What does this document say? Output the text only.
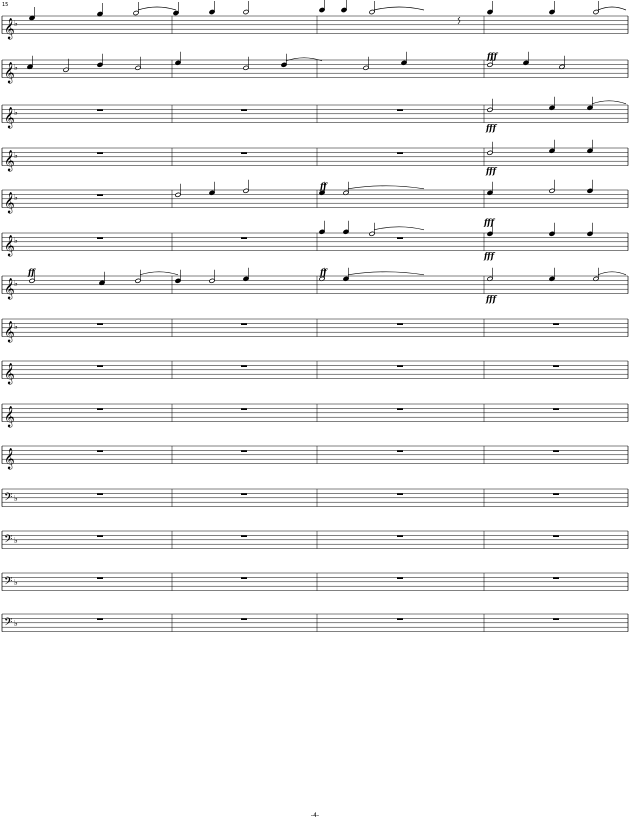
15
𝄞 ♭
𝄞 ♭
fff
𝄞 ♭
fff
𝄞 ♭
fff
𝄞 ♭
ff
𝄞 ♭
fff
fff
𝄞 ♭
ff	ff
fff
𝄞 ♭
𝄞
𝄞
𝄞
𝄢 ♭
𝄢 ♭
𝄢 ♭
𝄢 ♭
-4-
